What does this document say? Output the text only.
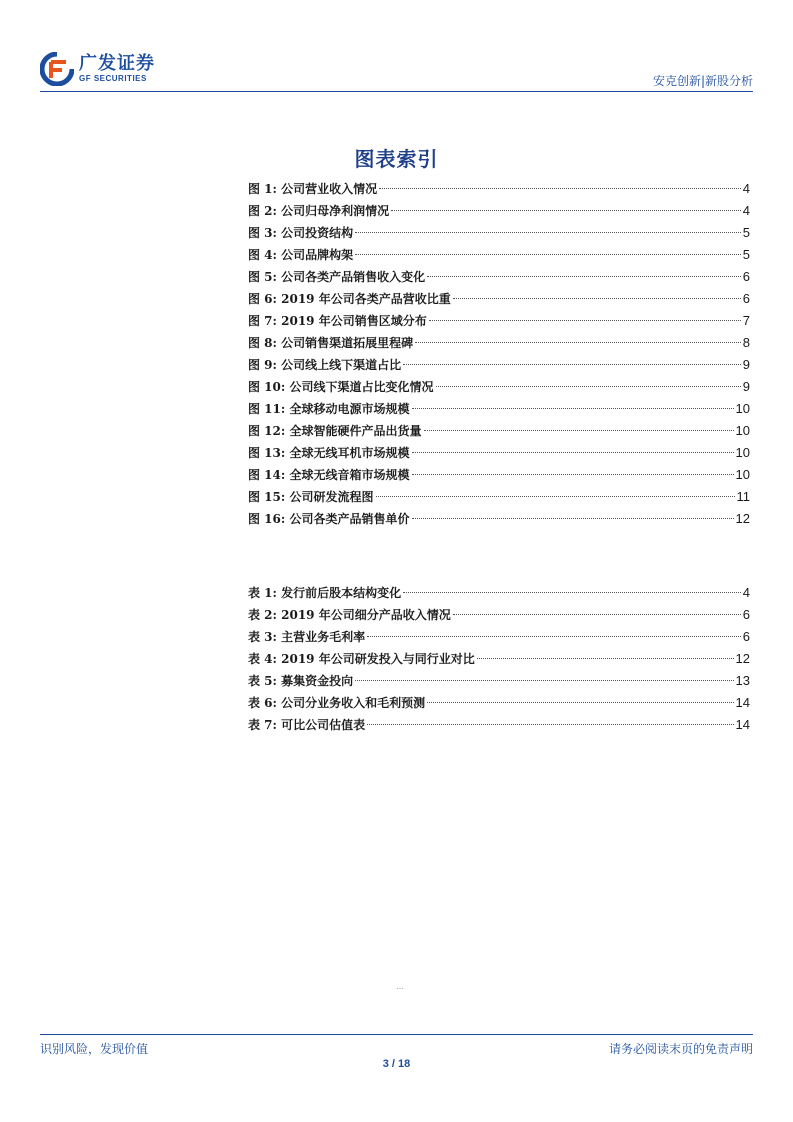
广发证券
GF SECURITIES	安克创新|新股分析
图表索引
图 1: 公司营业收入情况	4
图 2: 公司归母净利润情况	4
图 3: 公司投资结构	5
图 4: 公司品牌构架	5
图 5: 公司各类产品销售收入变化	6
图 6: 2019 年公司各类产品营收比重	6
图 7: 2019 年公司销售区域分布	7
图 8: 公司销售渠道拓展里程碑	8
图 9: 公司线上线下渠道占比	9
图 10: 公司线下渠道占比变化情况	9
图 11: 全球移动电源市场规模	10
图 12: 全球智能硬件产品出货量	10
图 13: 全球无线耳机市场规模	10
图 14: 全球无线音箱市场规模	10
图 15: 公司研发流程图	11
图 16: 公司各类产品销售单价	12
表 1: 发行前后股本结构变化	4
表 2: 2019 年公司细分产品收入情况	6
表 3: 主营业务毛利率	6
表 4: 2019 年公司研发投入与同行业对比	12
表 5: 募集资金投向	13
表 6: 公司分业务收入和毛利预测	14
表 7: 可比公司估值表	14
…
识别风险，发现价值	请务必阅读末页的免责声明
3 / 18
